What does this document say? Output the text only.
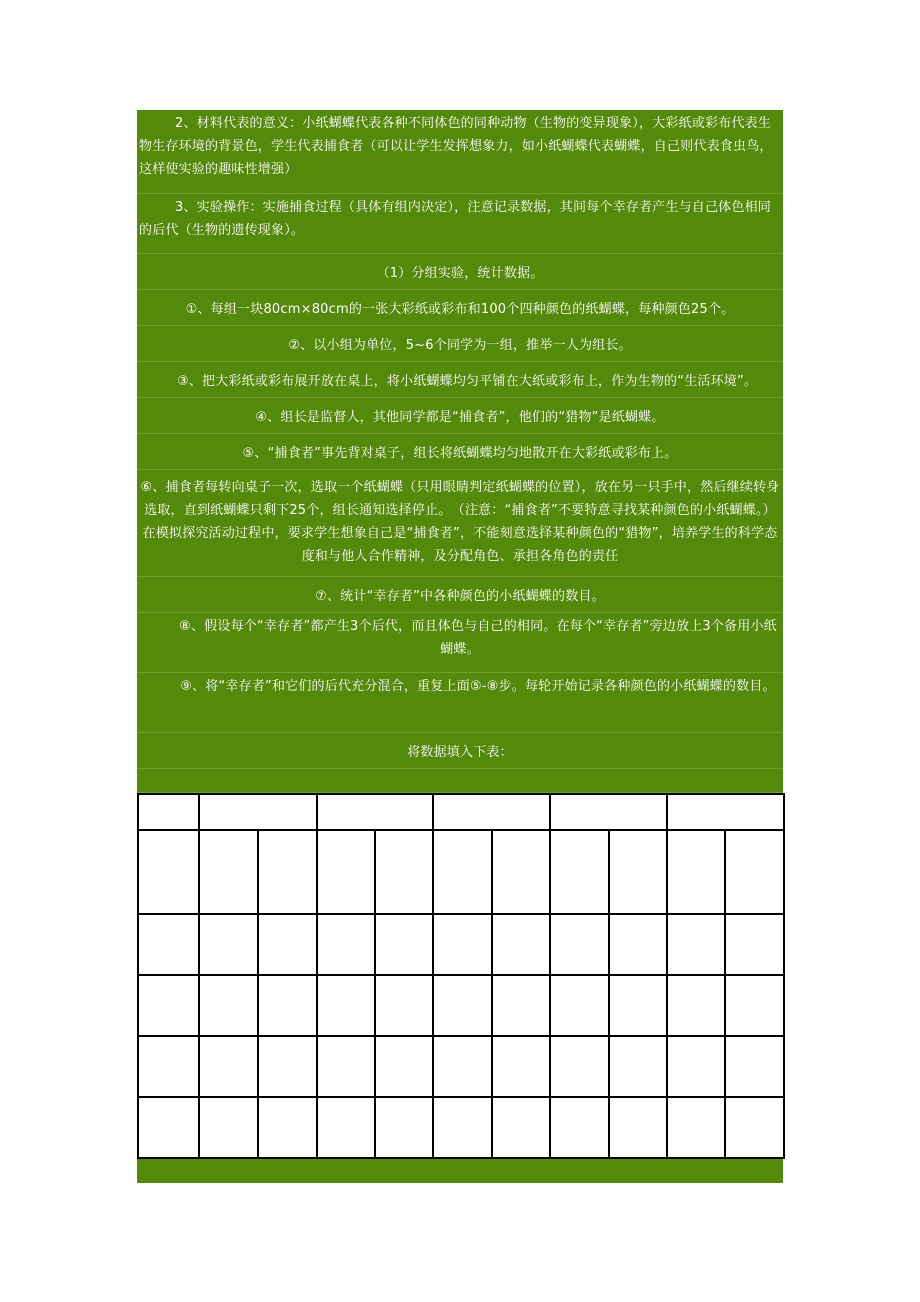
2、材料代表的意义：小纸蝴蝶代表各种不同体色的同种动物（生物的变异现象），大彩纸或彩布代表生物生存环境的背景色，学生代表捕食者（可以让学生发挥想象力，如小纸蝴蝶代表蝴蝶，自己则代表食虫鸟，这样使实验的趣味性增强）
3、实验操作：实施捕食过程（具体有组内决定），注意记录数据，其间每个幸存者产生与自己体色相同的后代（生物的遗传现象）。
（1）分组实验，统计数据。
①、每组一块80cm×80cm的一张大彩纸或彩布和100个四种颜色的纸蝴蝶，每种颜色25个。
②、以小组为单位，5~6个同学为一组，推举一人为组长。
③、把大彩纸或彩布展开放在桌上，将小纸蝴蝶均匀平铺在大纸或彩布上，作为生物的“生活环境”。
④、组长是监督人，其他同学都是“捕食者”，他们的“猎物”是纸蝴蝶。
⑤、“捕食者”事先背对桌子，组长将纸蝴蝶均匀地散开在大彩纸或彩布上。
⑥、捕食者每转向桌子一次，选取一个纸蝴蝶（只用眼睛判定纸蝴蝶的位置），放在另一只手中，然后继续转身选取，直到纸蝴蝶只剩下25个，组长通知选择停止。　（注意：“捕食者”不要特意寻找某种颜色的小纸蝴蝶。）在模拟探究活动过程中，要求学生想象自己是“捕食者”，不能刻意选择某种颜色的“猎物”，培养学生的科学态度和与他人合作精神，及分配角色、承担各角色的责任
⑦、统计“幸存者”中各种颜色的小纸蝴蝶的数目。
⑧、假设每个“幸存者”都产生3个后代，而且体色与自己的相同。在每个“幸存者”旁边放上3个备用小纸蝴蝶。
⑨、将“幸存者”和它们的后代充分混合，重复上面⑤-⑧步。每轮开始记录各种颜色的小纸蝴蝶的数目。
将数据填入下表：
